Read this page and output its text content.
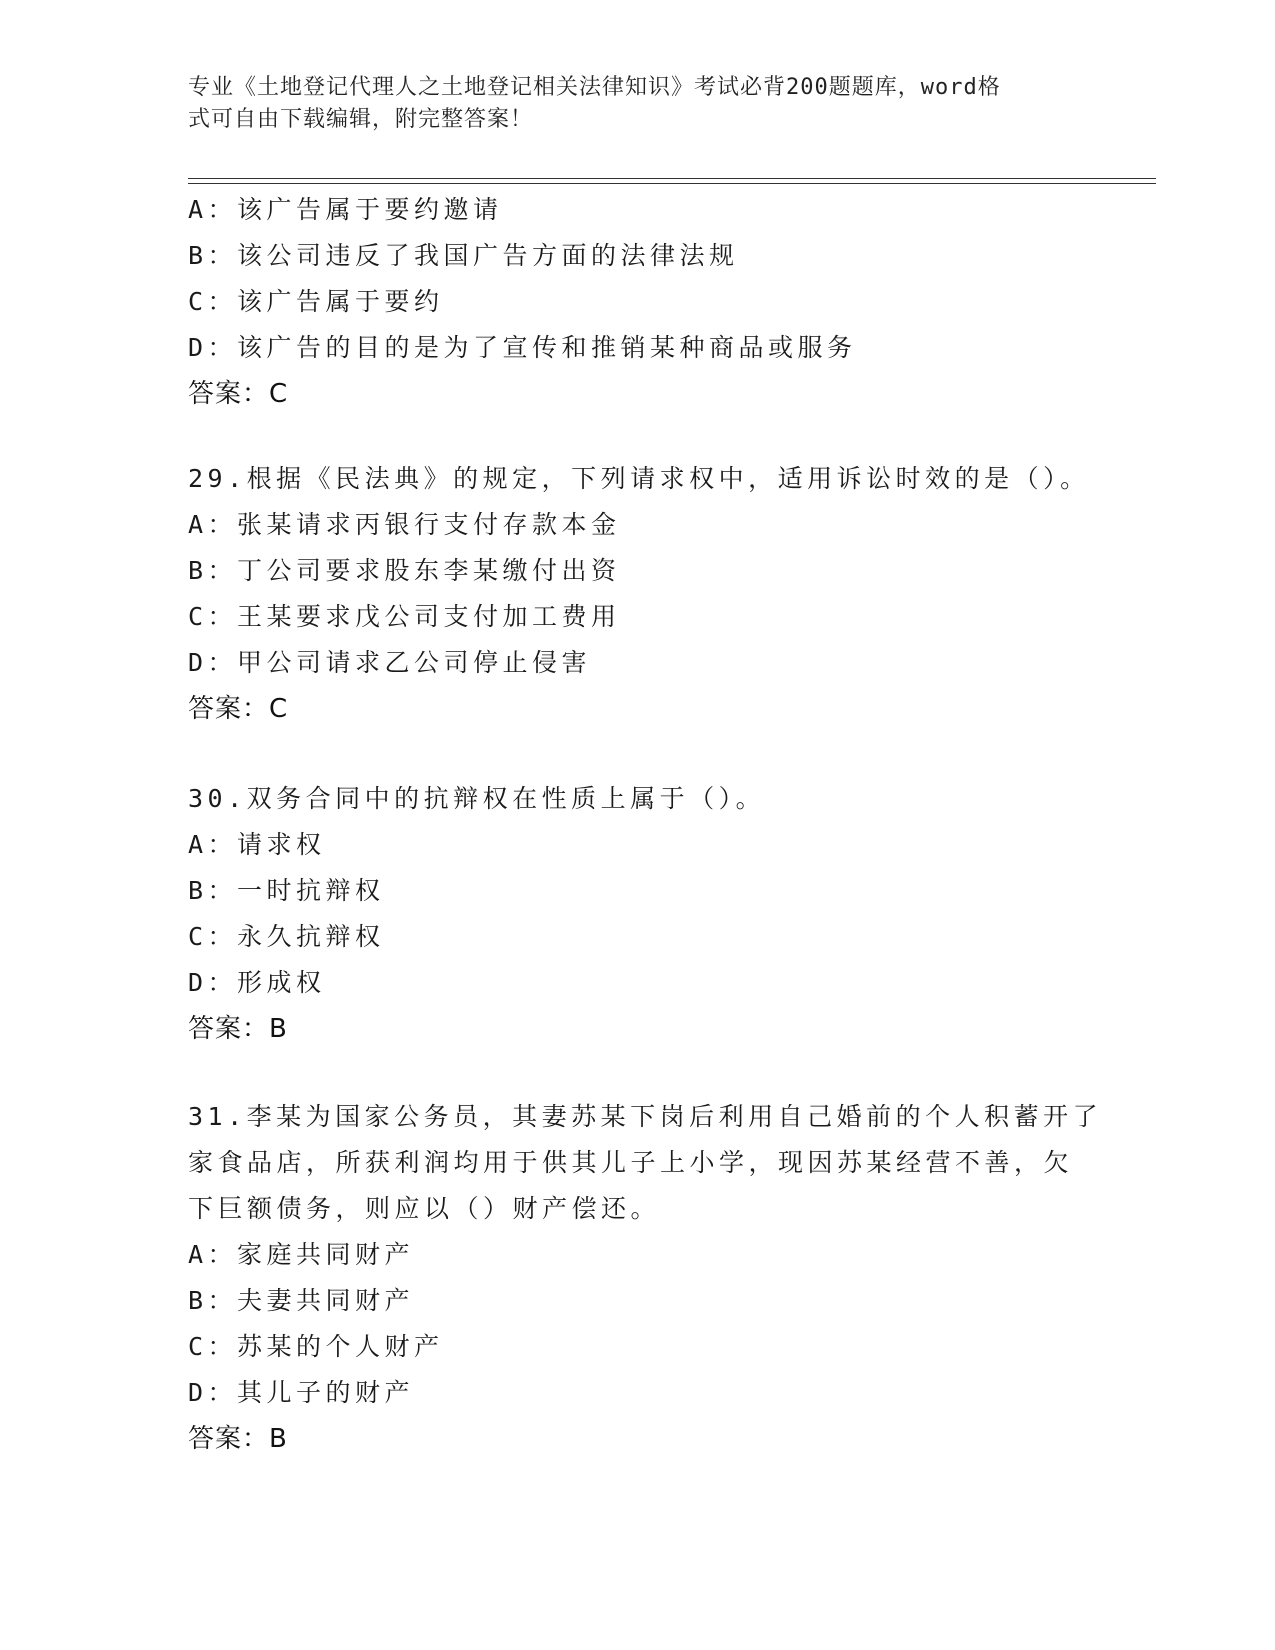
专业《土地登记代理人之土地登记相关法律知识》考试必背200题题库，word格
式可自由下载编辑，附完整答案！
A：该广告属于要约邀请
B：该公司违反了我国广告方面的法律法规
C：该广告属于要约
D：该广告的目的是为了宣传和推销某种商品或服务
答案：C
29.根据《民法典》的规定，下列请求权中，适用诉讼时效的是（）。
A：张某请求丙银行支付存款本金
B：丁公司要求股东李某缴付出资
C：王某要求戊公司支付加工费用
D：甲公司请求乙公司停止侵害
答案：C
30.双务合同中的抗辩权在性质上属于（）。
A：请求权
B：一时抗辩权
C：永久抗辩权
D：形成权
答案：B
31.李某为国家公务员，其妻苏某下岗后利用自己婚前的个人积蓄开了
家食品店，所获利润均用于供其儿子上小学，现因苏某经营不善，欠
下巨额债务，则应以（）财产偿还。
A：家庭共同财产
B：夫妻共同财产
C：苏某的个人财产
D：其儿子的财产
答案：B
